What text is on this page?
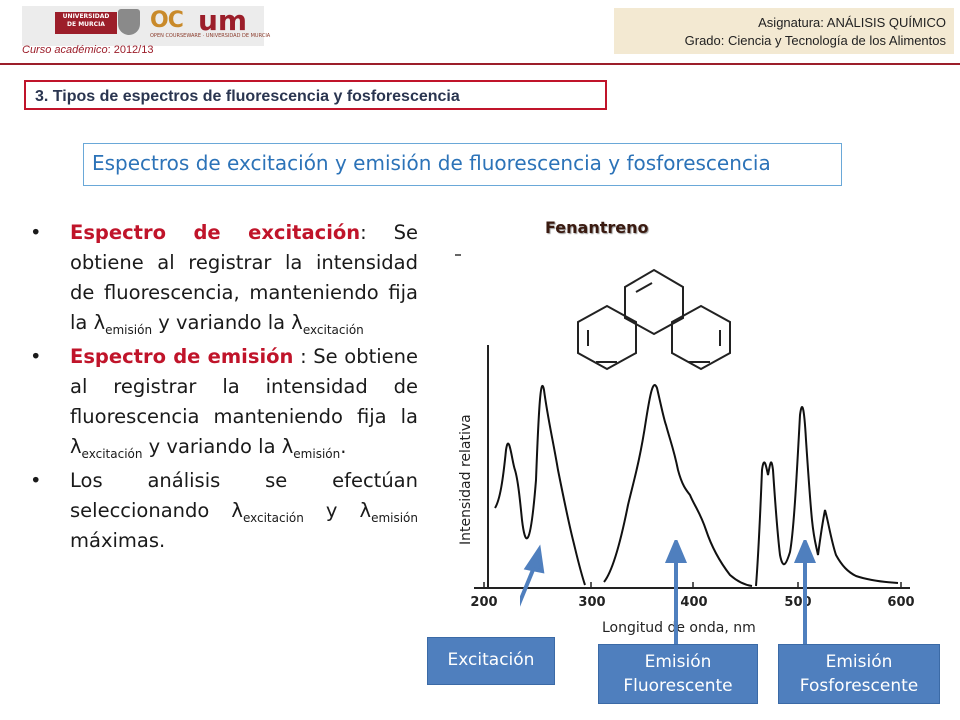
UNIVERSIDAD DE MURCIA	OC um
OPEN COURSEWARE · UNIVERSIDAD DE MURCIA
Curso académico: 2012/13
Asignatura: ANÁLISIS QUÍMICO
Grado: Ciencia y Tecnología de los Alimentos
3. Tipos de espectros de fluorescencia y fosforescencia
Espectros de excitación y emisión de fluorescencia y fosforescencia
• Espectro de excitación: Se obtiene al registrar la intensidad de fluorescencia, manteniendo fija la $\lambda_{emisión}$ y variando la $\lambda_{excitación}$
• Espectro de emisión : Se obtiene al registrar la intensidad de fluorescencia manteniendo fija la $\lambda_{excitación}$ y variando la $\lambda_{emisión}$.
• Los análisis se efectúan seleccionando $\lambda_{excitación}$ y $\lambda_{emisión}$ máximas.
Fenantreno
200	300	400	500	600
Longitud de onda, nm
Intensidad relativa
Excitación	Emisión
Fluorescente
Emisión
Fosforescente
